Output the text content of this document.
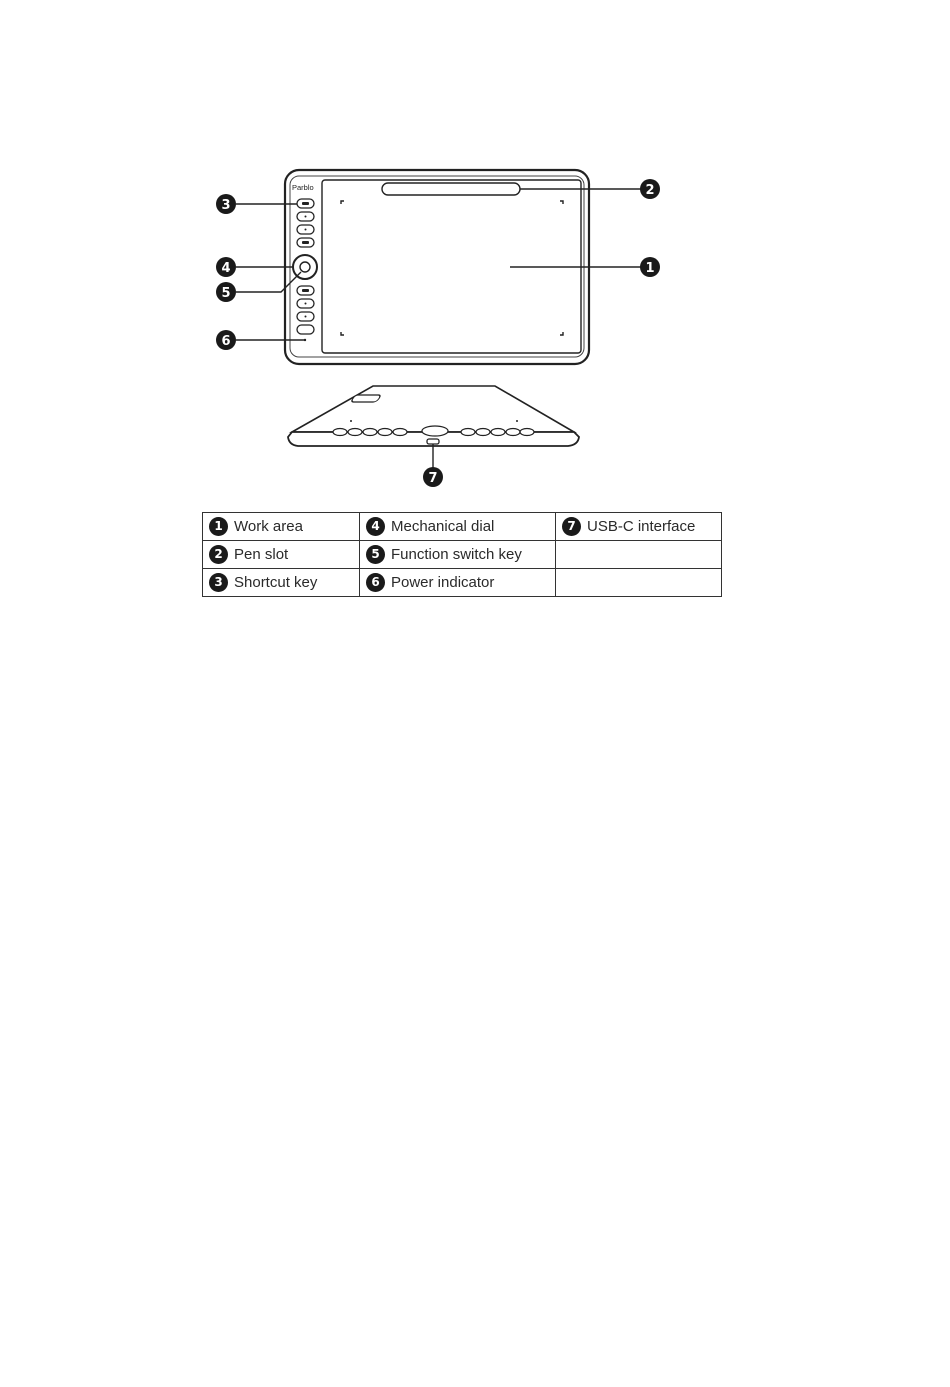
Parblo
1
2
3
4
5
6
7
1 Work area	4 Mechanical dial	7 USB-C interface
2 Pen slot	5 Function switch key	
3 Shortcut key	6 Power indicator	
